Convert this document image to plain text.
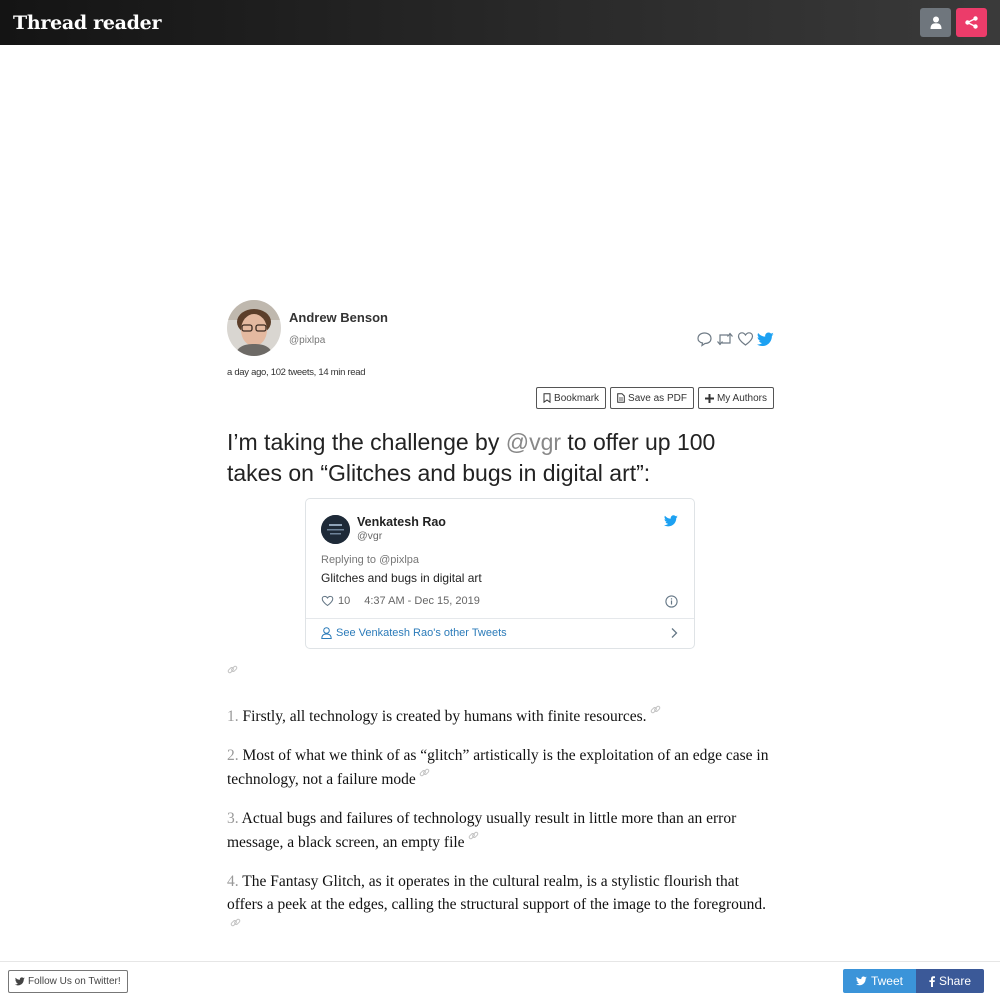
Thread reader
Andrew Benson
@pixlpa
a day ago, 102 tweets, 14 min read
Bookmark	Save as PDF	My Authors
I’m taking the challenge by @vgr to offer up 100 takes on “Glitches and bugs in digital art”:
Venkatesh Rao
@vgr
Replying to @pixlpa
Glitches and bugs in digital art
10 4:37 AM - Dec 15, 2019
See Venkatesh Rao's other Tweets
1. Firstly, all technology is created by humans with finite resources.
2. Most of what we think of as “glitch” artistically is the exploitation of an edge case in technology, not a failure mode
3. Actual bugs and failures of technology usually result in little more than an error message, a black screen, an empty file
4. The Fantasy Glitch, as it operates in the cultural realm, is a stylistic flourish that offers a peek at the edges, calling the structural support of the image to the foreground.
Follow Us on Twitter!	Tweet	Share
